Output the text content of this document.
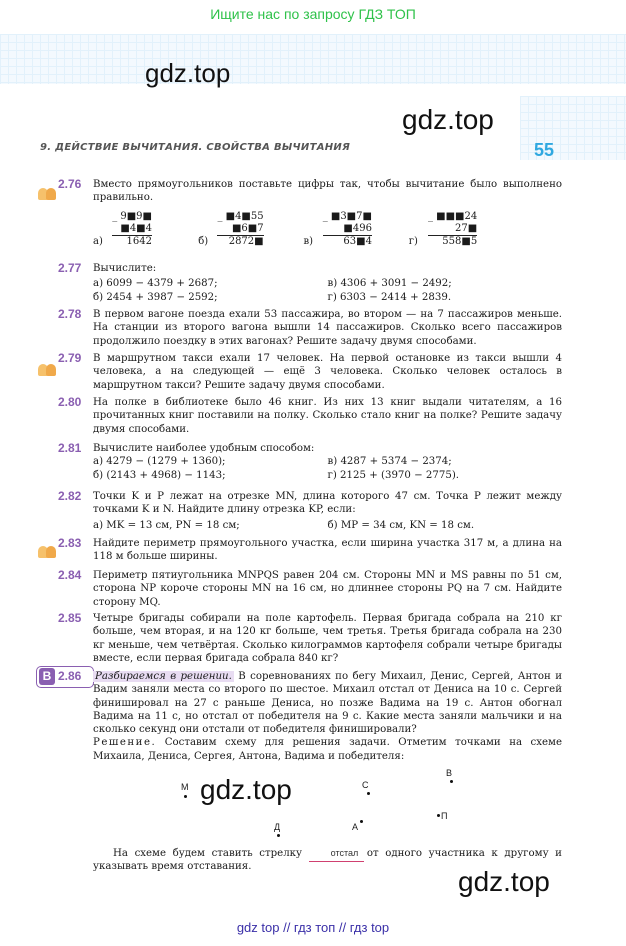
Ищите нас по запросу ГДЗ ТОП
gdz.top
gdz.top
9. ДЕЙСТВИЕ ВЫЧИТАНИЯ. СВОЙСТВА ВЫЧИТАНИЯ	55
2.76 Вместо прямоугольников поставьте цифры так, чтобы вычитание было выполнено правильно.
а)
_ 9■9■
■4■4
1642	б)
_ ■4■55
■6■7
2872■	в)
_ ■3■7■
■496
63■4	г)
_ ■■■24
27■
558■5
2.77 Вычислите:
а) 6099 − 4379 + 2687;
б) 2454 + 3987 − 2592;
в) 4306 + 3091 − 2492;
г) 6303 − 2414 + 2839.
2.78 В первом вагоне поезда ехали 53 пассажира, во втором — на 7 пассажиров меньше. На станции из второго вагона вышли 14 пассажиров. Сколько всего пассажиров продолжило поездку в этих вагонах? Решите задачу двумя способами.
2.79 В маршрутном такси ехали 17 человек. На первой остановке из такси вышли 4 человека, а на следующей — ещё 3 человека. Сколько человек осталось в маршрутном такси? Решите задачу двумя способами.
2.80 На полке в библиотеке было 46 книг. Из них 13 книг выдали читателям, а 16 прочитанных книг поставили на полку. Сколько стало книг на полке? Решите задачу двумя способами.
2.81 Вычислите наиболее удобным способом:
а) 4279 − (1279 + 1360);
б) (2143 + 4968) − 1143;
в) 4287 + 5374 − 2374;
г) 2125 + (3970 − 2775).
2.82 Точки K и P лежат на отрезке MN, длина которого 47 см. Точка P лежит между точками K и N. Найдите длину отрезка KP, если:
а) MK = 13 см, PN = 18 см;	б) MP = 34 см, KN = 18 см.
2.83 Найдите периметр прямоугольного участка, если ширина участка 317 м, а длина на 118 м больше ширины.
2.84 Периметр пятиугольника MNPQS равен 204 см. Стороны MN и MS равны по 51 см, сторона NP короче стороны MN на 16 см, но длиннее стороны PQ на 7 см. Найдите сторону MQ.
2.85 Четыре бригады собирали на поле картофель. Первая бригада собрала на 210 кг больше, чем вторая, и на 120 кг больше, чем третья. Третья бригада собрала на 230 кг меньше, чем четвёртая. Сколько килограммов картофеля собрали четыре бригады вместе, если первая бригада собрала 840 кг?
В 2.86 Разбираемся в решении. В соревнованиях по бегу Михаил, Денис, Сергей, Антон и Вадим заняли места со второго по шестое. Михаил отстал от Дениса на 10 с. Сергей финишировал на 27 с раньше Дениса, но позже Вадима на 19 с. Антон обогнал Вадима на 11 с, но отстал от победителя на 9 с. Какие места заняли мальчики и на сколько секунд они отстали от победителя финишировали?
Решение. Составим схему для решения задачи. Отметим точками на схеме Михаила, Дениса, Сергея, Антона, Вадима и победителя:
М	С
В
Д	А
П
gdz.top
На схеме будем ставить стрелку	отстал от одного участника к другому и указывать время отставания.	gdz.top
gdz top // гдз топ // гдз top
